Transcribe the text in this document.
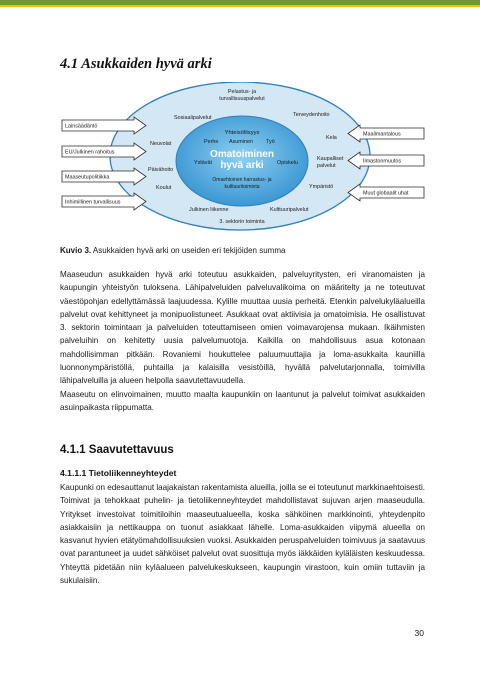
4.1 Asukkaiden hyvä arki
Yhteisöllisyys
Perhe Asuminen Työ
Ystävät	Opiskelu
Omaehtoinen harrastus- ja
kulttuuritoiminta
Omatoiminen
hyvä arki
Pelastus- ja
turvallisuuspalvelut
Sosiaalipalvelut	Terveydenhoito
Neuvolat
Kela
Päivähoito
Kaupalliset
palvelut
Koulut	Ympäristö
Julkinen liikenne	Kulttuuripalvelut
3. sektorin toiminta
Lainsäädäntö
EU/Julkinen rahoitus
Maaseutupolitiikka
Inhimillinen turvallisuus
Maailmantalous
Ilmastonmuutos
Muut globaalit uhat
Kuvio 3. Asukkaiden hyvä arki on useiden eri tekijöiden summa

Maaseudun asukkaiden hyvä arki toteutuu asukkaiden, palveluyritysten, eri viranomaisten ja kaupungin yhteistyön tuloksena. Lähipalveluiden palveluvalikoima on määritelty ja ne toteutuvat väestöpohjan edellyttämässä laajuudessa. Kylille muuttaa uusia perheitä. Etenkin palvelukyläalueilla palvelut ovat kehittyneet ja monipuolistuneet. Asukkaat ovat aktiivisia ja omatoimisia. He osallistuvat 3. sektorin toimintaan ja palveluiden toteuttamiseen omien voimavarojensa mukaan. Ikäihmisten palveluihin on kehitetty uusia palvelumuotoja. Kaikilla on mahdollisuus asua kotonaan mahdollisimman pitkään. Rovaniemi houkuttelee paluumuuttajia ja loma-asukkaita kauniilla luonnonympäristöllä, puhtailla ja kalaisilla vesistöillä, hyvällä palvelutarjonnalla, toimivilla lähipalveluilla ja alueen helpolla saavutettavuudella.

Maaseutu on elinvoimainen, muutto maalta kaupunkiin on laantunut ja palvelut toimivat asukkaiden asuinpaikasta riippumatta.

4.1.1 Saavutettavuus
4.1.1.1 Tietoliikenneyhteydet

Kaupunki on edesauttanut laajakaistan rakentamista alueilla, joilla se ei toteutunut markkinaehtoisesti. Toimivat ja tehokkaat puhelin- ja tietoliikenneyhteydet mahdollistavat sujuvan arjen maaseudulla. Yritykset investoivat toimitiloihin maaseutualueella, koska sähköinen markkinointi, yhteydenpito asiakkaisiin ja nettikauppa on tuonut asiakkaat lähelle. Loma-asukkaiden viipymä alueella on kasvanut hyvien etätyömahdollisuuksien vuoksi. Asukkaiden peruspalveluiden toimivuus ja saatavuus ovat parantuneet ja uudet sähköiset palvelut ovat suosittuja myös iäkkäiden kyläläisten keskuudessa. Yhteyttä pidetään niin kyläalueen palvelukeskukseen, kaupungin virastoon, kuin omiin tuttaviin ja sukulaisiin.

30
